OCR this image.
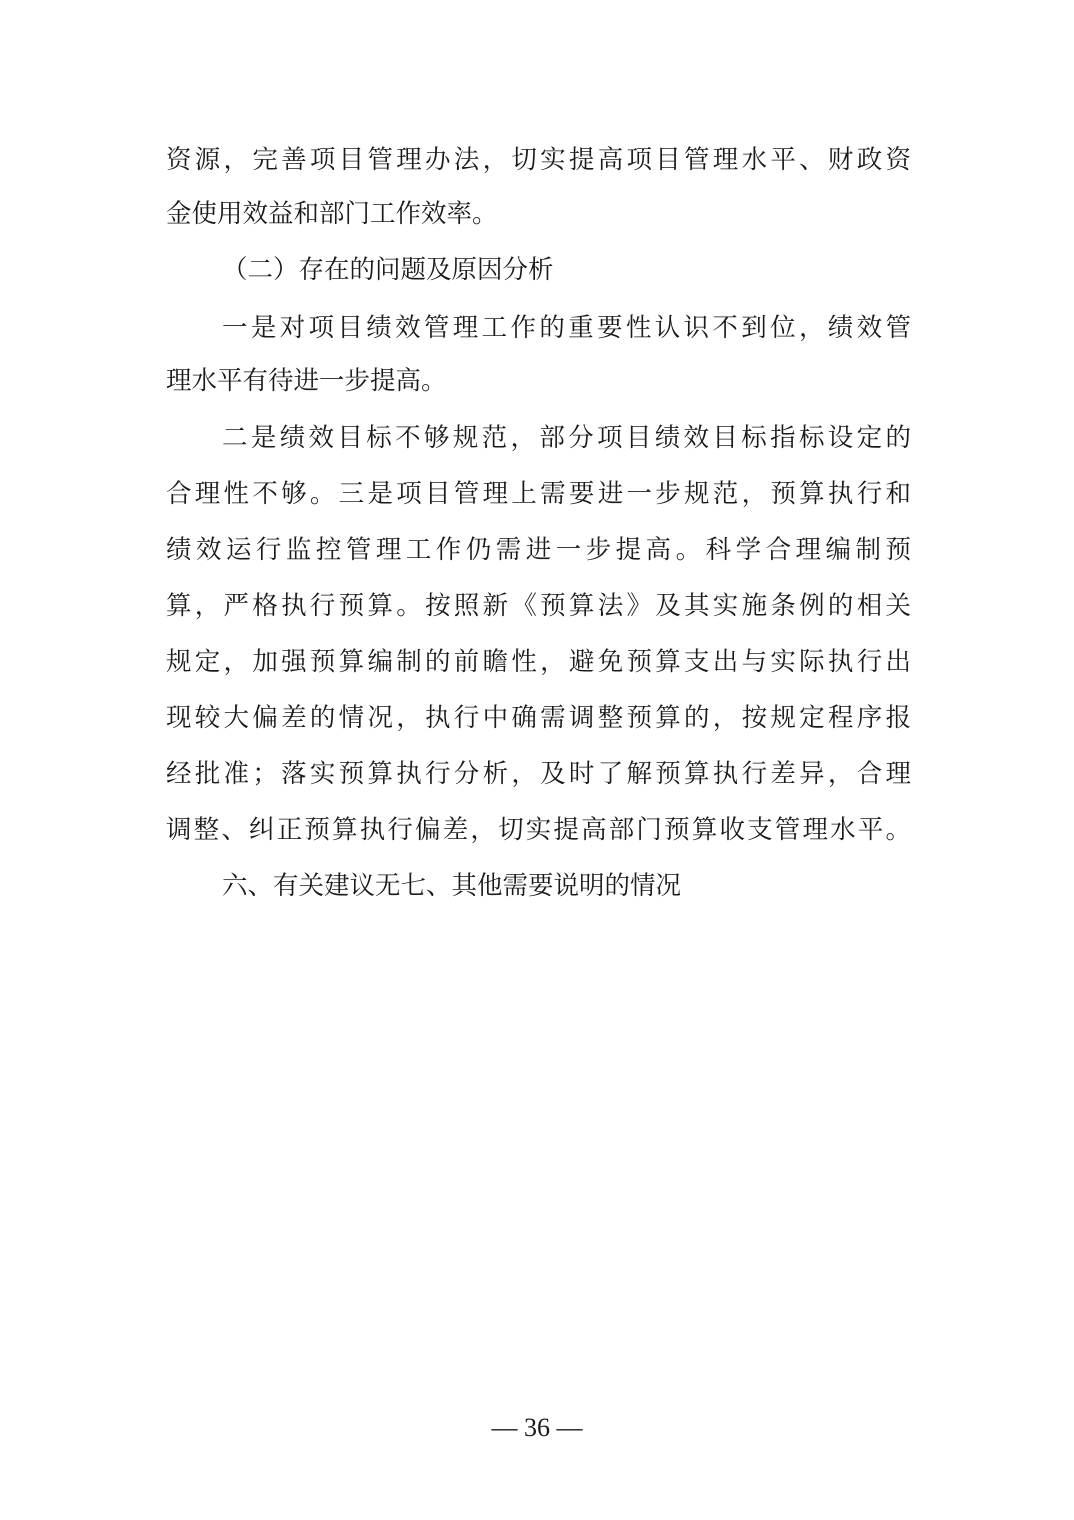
资源，完善项目管理办法，切实提高项目管理水平、财政资
金使用效益和部门工作效率。
（二）存在的问题及原因分析
一是对项目绩效管理工作的重要性认识不到位，绩效管
理水平有待进一步提高。
二是绩效目标不够规范，部分项目绩效目标指标设定的
合理性不够。三是项目管理上需要进一步规范，预算执行和
绩效运行监控管理工作仍需进一步提高。科学合理编制预
算，严格执行预算。按照新《预算法》及其实施条例的相关
规定，加强预算编制的前瞻性，避免预算支出与实际执行出
现较大偏差的情况，执行中确需调整预算的，按规定程序报
经批准；落实预算执行分析，及时了解预算执行差异，合理
调整、纠正预算执行偏差，切实提高部门预算收支管理水平。
六、有关建议无七、其他需要说明的情况
— 36 —
